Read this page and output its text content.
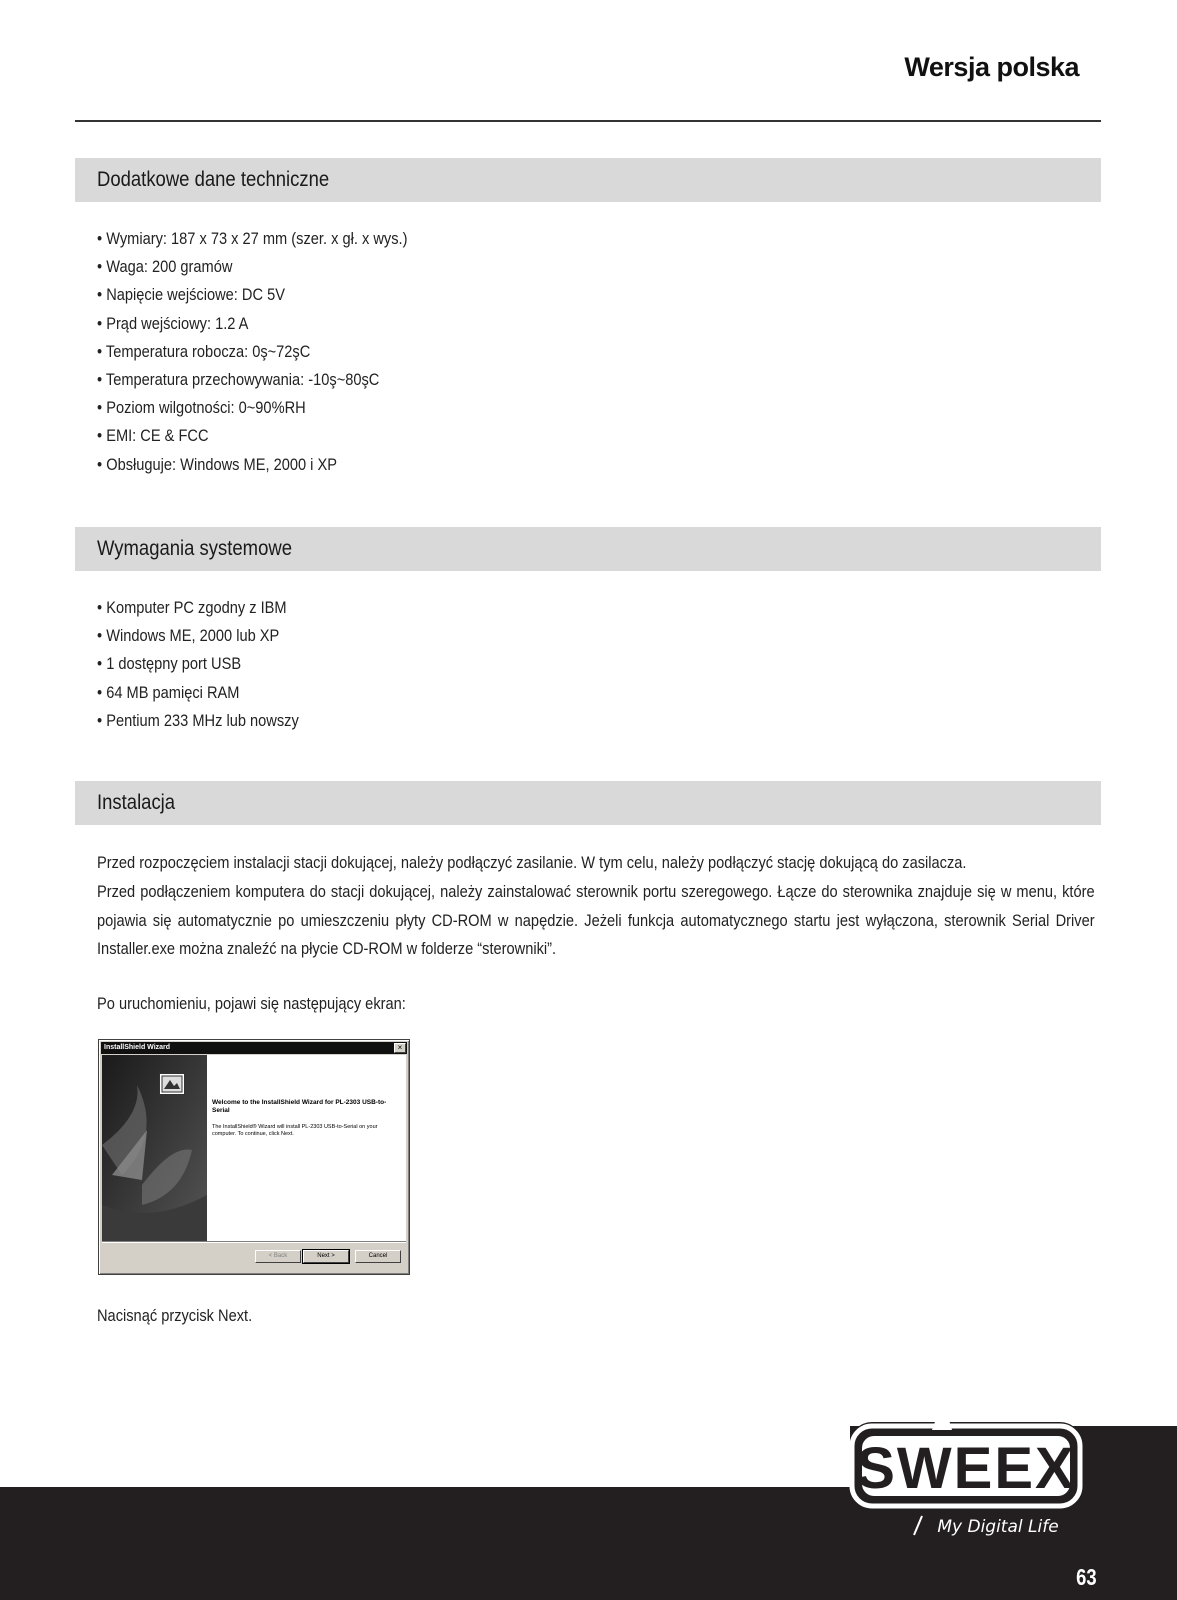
Wersja polska
Dodatkowe dane techniczne
• Wymiary: 187 x 73 x 27 mm (szer. x gł. x wys.)
• Waga: 200 gramów
• Napięcie wejściowe: DC 5V
• Prąd wejściowy: 1.2 A
• Temperatura robocza: 0ş~72şC
• Temperatura przechowywania: -10ş~80şC
• Poziom wilgotności: 0~90%RH
• EMI: CE & FCC
• Obsługuje: Windows ME, 2000 i XP
Wymagania systemowe
• Komputer PC zgodny z IBM
• Windows ME, 2000 lub XP
• 1 dostępny port USB
• 64 MB pamięci RAM
• Pentium 233 MHz lub nowszy
Instalacja

Przed rozpoczęciem instalacji stacji dokującej, należy podłączyć zasilanie. W tym celu, należy podłączyć stację dokującą do zasilacza.

Przed podłączeniem komputera do stacji dokującej, należy zainstalować sterownik portu szeregowego. Łącze do sterownika znajduje się w menu, które pojawia się automatycznie po umieszczeniu płyty CD-ROM w napędzie. Jeżeli funkcja automatycznego startu jest wyłączona, sterownik Serial Driver Installer.exe można znaleźć na płycie CD-ROM w folderze “sterowniki”.

Po uruchomieniu, pojawi się następujący ekran:

InstallShield Wizard	×
Welcome to the InstallShield Wizard for PL-2303 USB-to-Serial
The InstallShield® Wizard will install PL-2303 USB-to-Serial on your computer. To continue, click Next.
< Back	Next >	Cancel

Nacisnąć przycisk Next.

SWEEX
My Digital Life
63
